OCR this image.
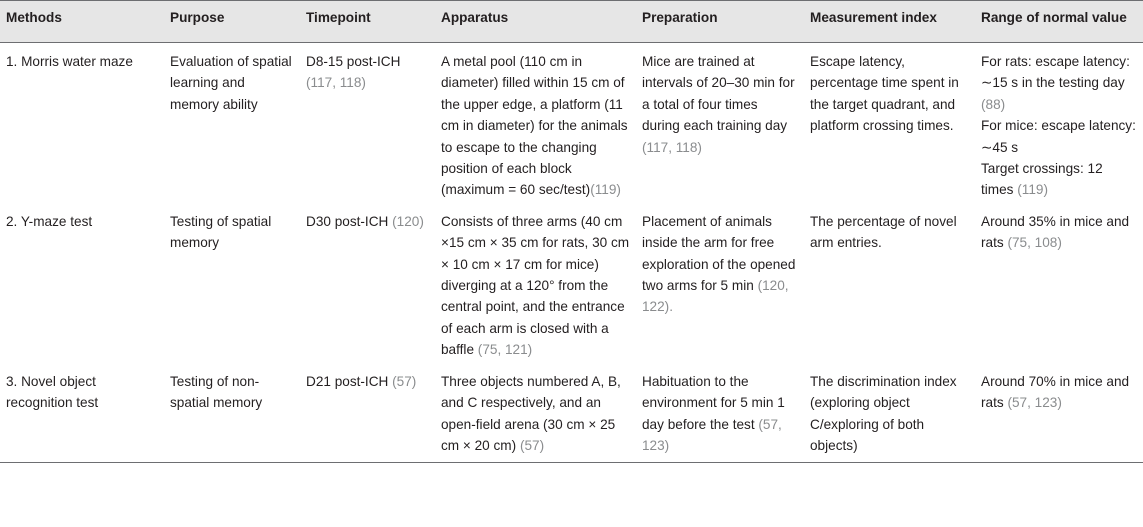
Methods	Purpose	Timepoint	Apparatus	Preparation	Measurement index	Range of normal value
1. Morris water maze	Evaluation of spatial learning and memory ability	D8-15 post-ICH (117, 118)	A metal pool (110 cm in diameter) filled within 15 cm of the upper edge, a platform (11 cm in diameter) for the animals to escape to the changing position of each block (maximum = 60 sec/test)(119)	Mice are trained at intervals of 20–30 min for a total of four times during each training day (117, 118)	Escape latency, percentage time spent in the target quadrant, and platform crossing times.	For rats: escape latency: ∼15 s in the testing day (88)
For mice: escape latency: ∼45 s
Target crossings: 12 times (119)
2. Y-maze test	Testing of spatial memory	D30 post-ICH (120)	Consists of three arms (40 cm ×15 cm × 35 cm for rats, 30 cm × 10 cm × 17 cm for mice) diverging at a 120° from the central point, and the entrance of each arm is closed with a baffle (75, 121)	Placement of animals inside the arm for free exploration of the opened two arms for 5 min (120, 122).	The percentage of novel arm entries.	Around 35% in mice and rats (75, 108)
3. Novel object recognition test	Testing of non-spatial memory	D21 post-ICH (57)	Three objects numbered A, B, and C respectively, and an open-field arena (30 cm × 25 cm × 20 cm) (57)	Habituation to the environment for 5 min 1 day before the test (57, 123)	The discrimination index (exploring object C/exploring of both objects)	Around 70% in mice and rats (57, 123)
